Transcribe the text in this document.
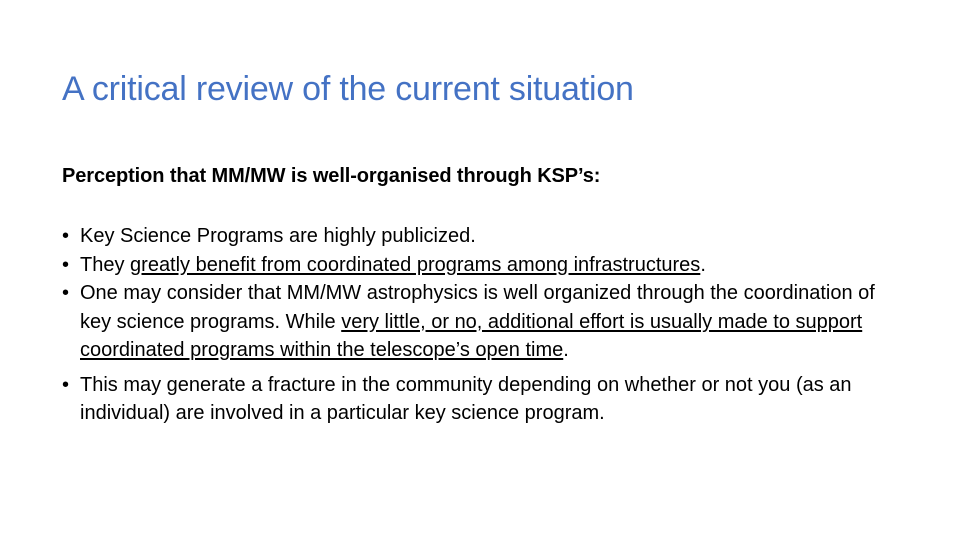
A critical review of the current situation
Perception that MM/MW is well-organised through KSP’s:
• Key Science Programs are highly publicized.
• They greatly benefit from coordinated programs among infrastructures.
• One may consider that MM/MW astrophysics is well organized through the coordination of key science programs. While very little, or no, additional effort is usually made to support coordinated programs within the telescope’s open time.
• This may generate a fracture in the community depending on whether or not you (as an individual) are involved in a particular key science program.
